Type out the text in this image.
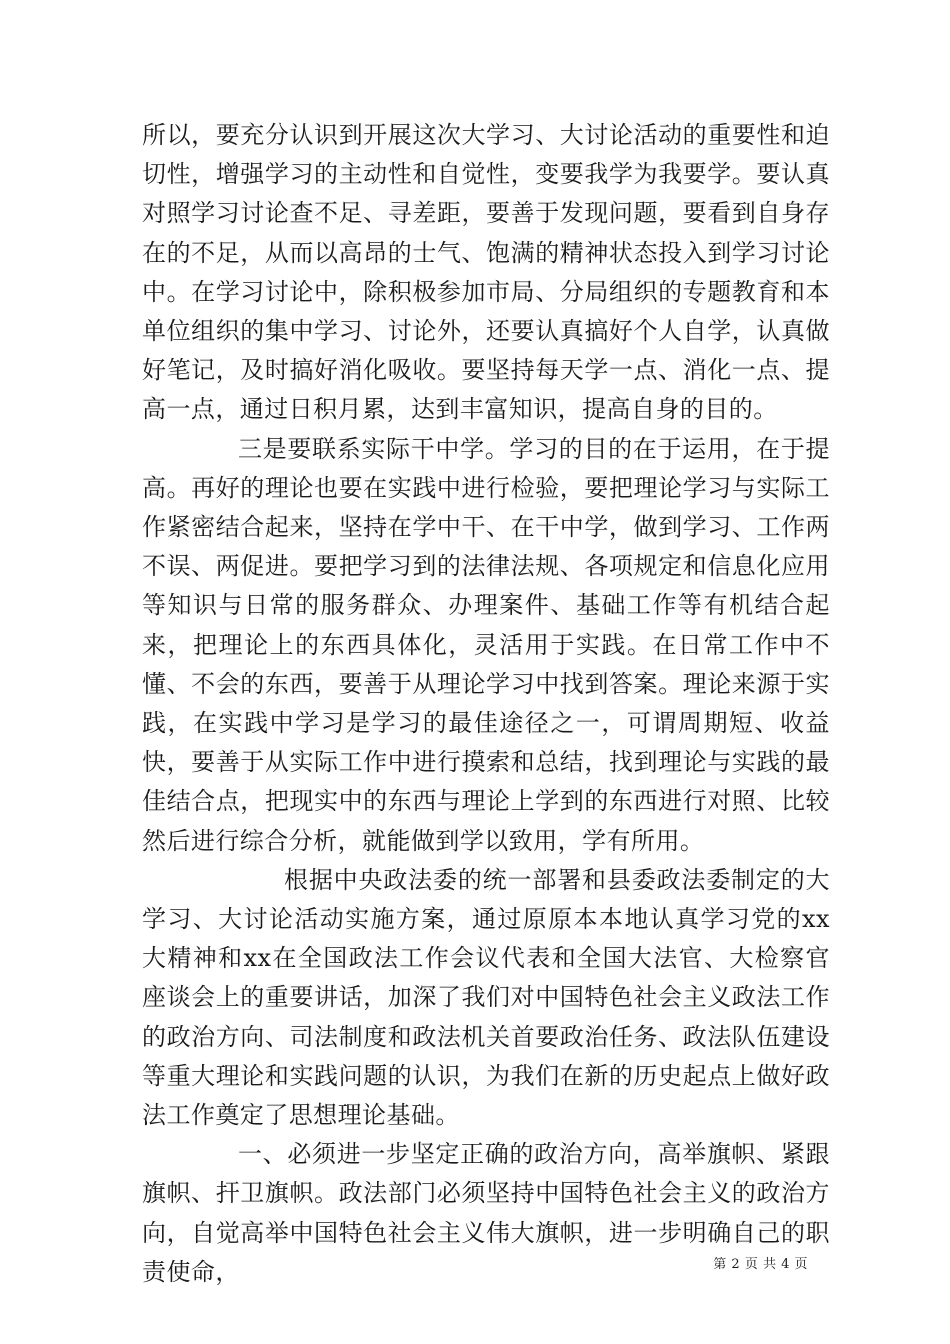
所以，要充分认识到开展这次大学习、大讨论活动的重要性和迫切性，增强学习的主动性和自觉性，变要我学为我要学。要认真对照学习讨论查不足、寻差距，要善于发现问题，要看到自身存在的不足，从而以高昂的士气、饱满的精神状态投入到学习讨论中。在学习讨论中，除积极参加市局、分局组织的专题教育和本单位组织的集中学习、讨论外，还要认真搞好个人自学，认真做好笔记，及时搞好消化吸收。要坚持每天学一点、消化一点、提高一点，通过日积月累，达到丰富知识，提高自身的目的。

三是要联系实际干中学。学习的目的在于运用，在于提高。再好的理论也要在实践中进行检验，要把理论学习与实际工作紧密结合起来，坚持在学中干、在干中学，做到学习、工作两不误、两促进。要把学习到的法律法规、各项规定和信息化应用等知识与日常的服务群众、办理案件、基础工作等有机结合起来，把理论上的东西具体化，灵活用于实践。在日常工作中不懂、不会的东西，要善于从理论学习中找到答案。理论来源于实践，在实践中学习是学习的最佳途径之一，可谓周期短、收益快，要善于从实际工作中进行摸索和总结，找到理论与实践的最佳结合点，把现实中的东西与理论上学到的东西进行对照、比较然后进行综合分析，就能做到学以致用，学有所用。

根据中央政法委的统一部署和县委政法委制定的大学习、大讨论活动实施方案，通过原原本本地认真学习党的xx大精神和xx在全国政法工作会议代表和全国大法官、大检察官座谈会上的重要讲话，加深了我们对中国特色社会主义政法工作的政治方向、司法制度和政法机关首要政治任务、政法队伍建设等重大理论和实践问题的认识，为我们在新的历史起点上做好政法工作奠定了思想理论基础。

一、必须进一步坚定正确的政治方向，高举旗帜、紧跟旗帜、扞卫旗帜。政法部门必须坚持中国特色社会主义的政治方向，自觉高举中国特色社会主义伟大旗帜，进一步明确自己的职责使命，	第 2 页 共 4 页
